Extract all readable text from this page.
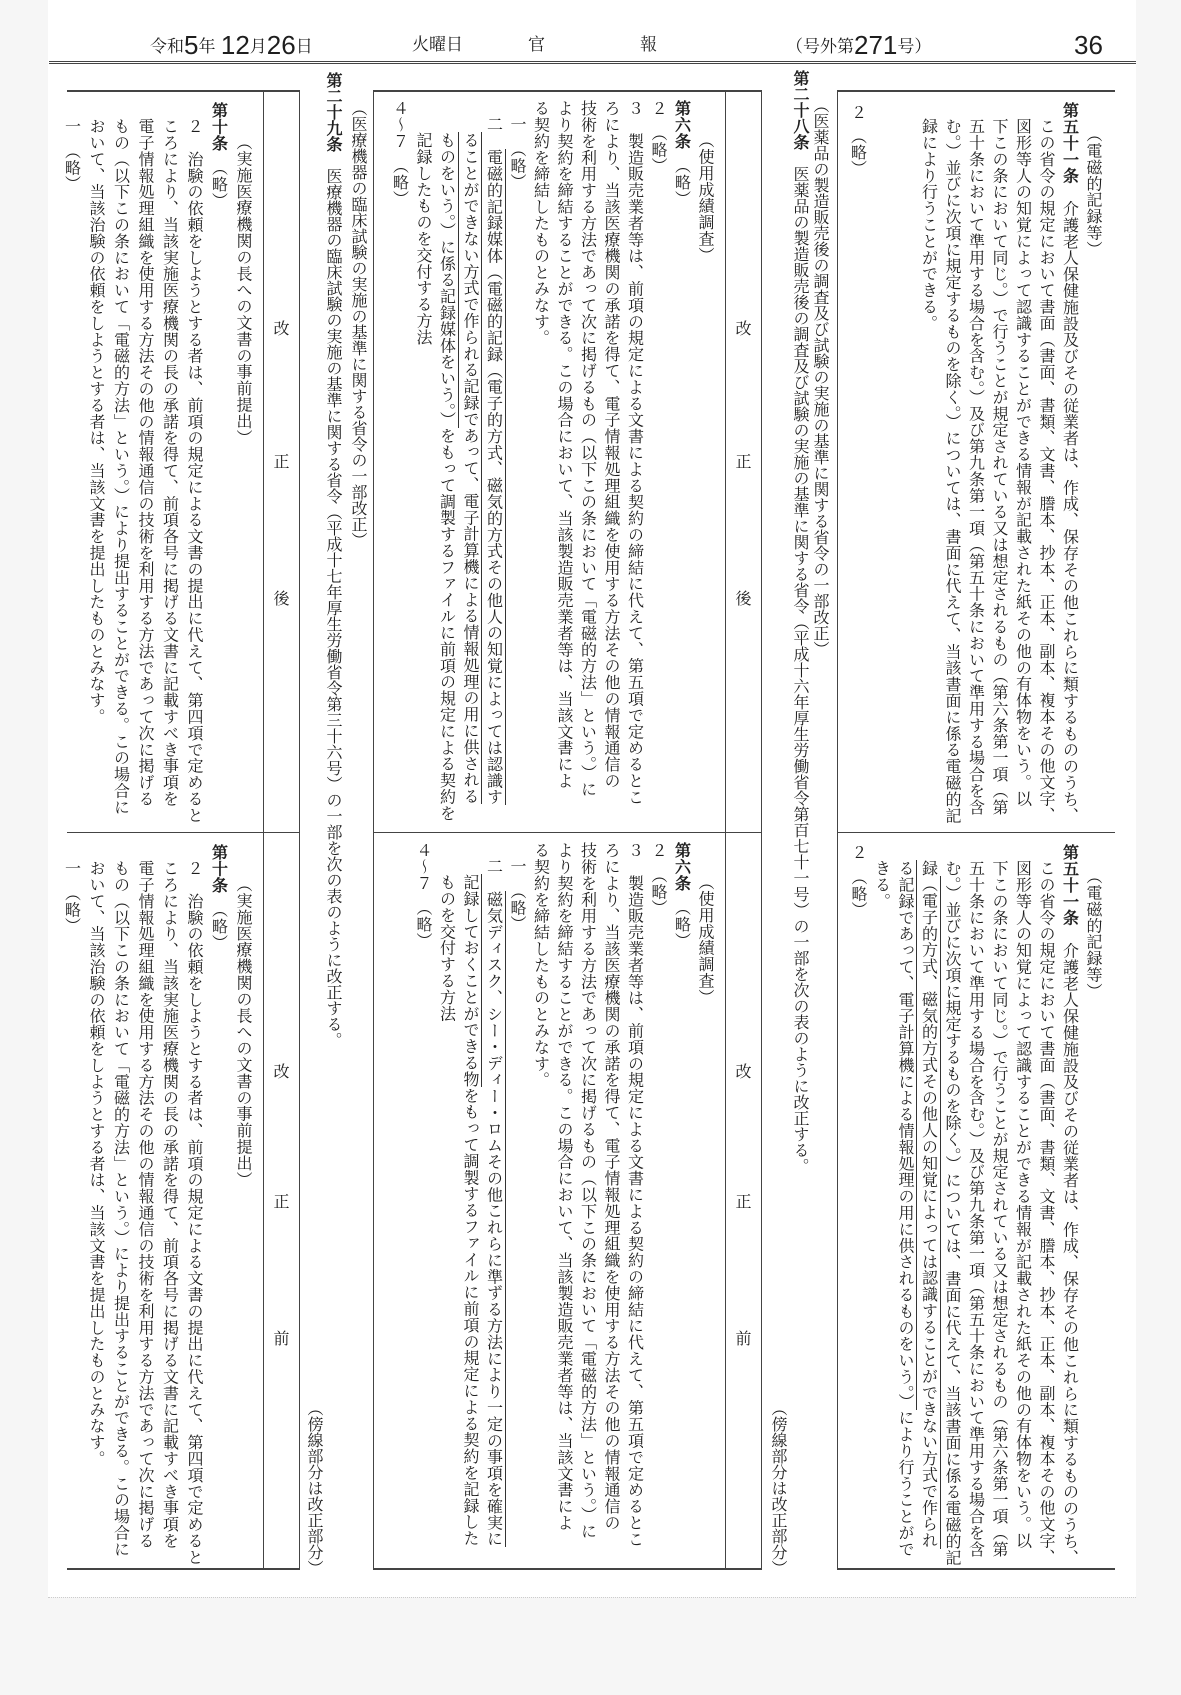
令和5年 12月26日	火曜日	官	報	（号外第271号）	36
（電磁的記録等）
第五十一条　介護老人保健施設及びその従業者は、作成、保存その他これらに類するもののうち、
この省令の規定において書面（書面、書類、文書、謄本、抄本、正本、副本、複本その他文字、
図形等人の知覚によって認識することができる情報が記載された紙その他の有体物をいう。以
下この条において同じ。）で行うことが規定されている又は想定されるもの（第六条第一項（第
五十条において準用する場合を含む。）及び第九条第一項（第五十条において準用する場合を含
む。）並びに次項に規定するものを除く。）については、書面に代えて、当該書面に係る電磁的記
録により行うことができる。
２　（略）
（電磁的記録等）
第五十一条　介護老人保健施設及びその従業者は、作成、保存その他これらに類するもののうち、
この省令の規定において書面（書面、書類、文書、謄本、抄本、正本、副本、複本その他文字、
図形等人の知覚によって認識することができる情報が記載された紙その他の有体物をいう。以
下この条において同じ。）で行うことが規定されている又は想定されるもの（第六条第一項（第
五十条において準用する場合を含む。）及び第九条第一項（第五十条において準用する場合を含
む。）並びに次項に規定するものを除く。）については、書面に代えて、当該書面に係る電磁的記
録（電子的方式、磁気的方式その他人の知覚によっては認識することができない方式で作られ
る記録であって、電子計算機による情報処理の用に供されるものをいう。）により行うことがで
きる。
２　（略）
（医薬品の製造販売後の調査及び試験の実施の基準に関する省令の一部改正）
第二十八条　医薬品の製造販売後の調査及び試験の実施の基準に関する省令（平成十六年厚生労働省令第百七十一号）の一部を次の表のように改正する。
（傍線部分は改正部分）
改
正
後
改
正
前
（使用成績調査）
第六条　（略）
２　（略）
３　製造販売業者等は、前項の規定による文書による契約の締結に代えて、第五項で定めるとこ
ろにより、当該医療機関の承諾を得て、電子情報処理組織を使用する方法その他の情報通信の
技術を利用する方法であって次に掲げるもの（以下この条において「電磁的方法」という。）に
より契約を締結することができる。この場合において、当該製造販売業者等は、当該文書によ
る契約を締結したものとみなす。
一　（略）
二　電磁的記録媒体（電磁的記録（電子的方式、磁気的方式その他人の知覚によっては認識す
ることができない方式で作られる記録であって、電子計算機による情報処理の用に供される
ものをいう。）に係る記録媒体をいう。）をもって調製するファイルに前項の規定による契約を
記録したものを交付する方法
４～７　（略）
（使用成績調査）
第六条　（略）
２　（略）
３　製造販売業者等は、前項の規定による文書による契約の締結に代えて、第五項で定めるとこ
ろにより、当該医療機関の承諾を得て、電子情報処理組織を使用する方法その他の情報通信の
技術を利用する方法であって次に掲げるもの（以下この条において「電磁的方法」という。）に
より契約を締結することができる。この場合において、当該製造販売業者等は、当該文書によ
る契約を締結したものとみなす。
一　（略）
二　磁気ディスク、シー・ディー・ロムその他これらに準ずる方法により一定の事項を確実に
記録しておくことができる物をもって調製するファイルに前項の規定による契約を記録した
ものを交付する方法
４～７　（略）
（医療機器の臨床試験の実施の基準に関する省令の一部改正）
第二十九条　医療機器の臨床試験の実施の基準に関する省令（平成十七年厚生労働省令第三十六号）の一部を次の表のように改正する。
（傍線部分は改正部分）
改
正
後
改
正
前
（実施医療機関の長への文書の事前提出）
第十条　（略）
２　治験の依頼をしようとする者は、前項の規定による文書の提出に代えて、第四項で定めると
ころにより、当該実施医療機関の長の承諾を得て、前項各号に掲げる文書に記載すべき事項を
電子情報処理組織を使用する方法その他の情報通信の技術を利用する方法であって次に掲げる
もの（以下この条において「電磁的方法」という。）により提出することができる。この場合に
おいて、当該治験の依頼をしようとする者は、当該文書を提出したものとみなす。
一　（略）
（実施医療機関の長への文書の事前提出）
第十条　（略）
２　治験の依頼をしようとする者は、前項の規定による文書の提出に代えて、第四項で定めると
ころにより、当該実施医療機関の長の承諾を得て、前項各号に掲げる文書に記載すべき事項を
電子情報処理組織を使用する方法その他の情報通信の技術を利用する方法であって次に掲げる
もの（以下この条において「電磁的方法」という。）により提出することができる。この場合に
おいて、当該治験の依頼をしようとする者は、当該文書を提出したものとみなす。
一　（略）
